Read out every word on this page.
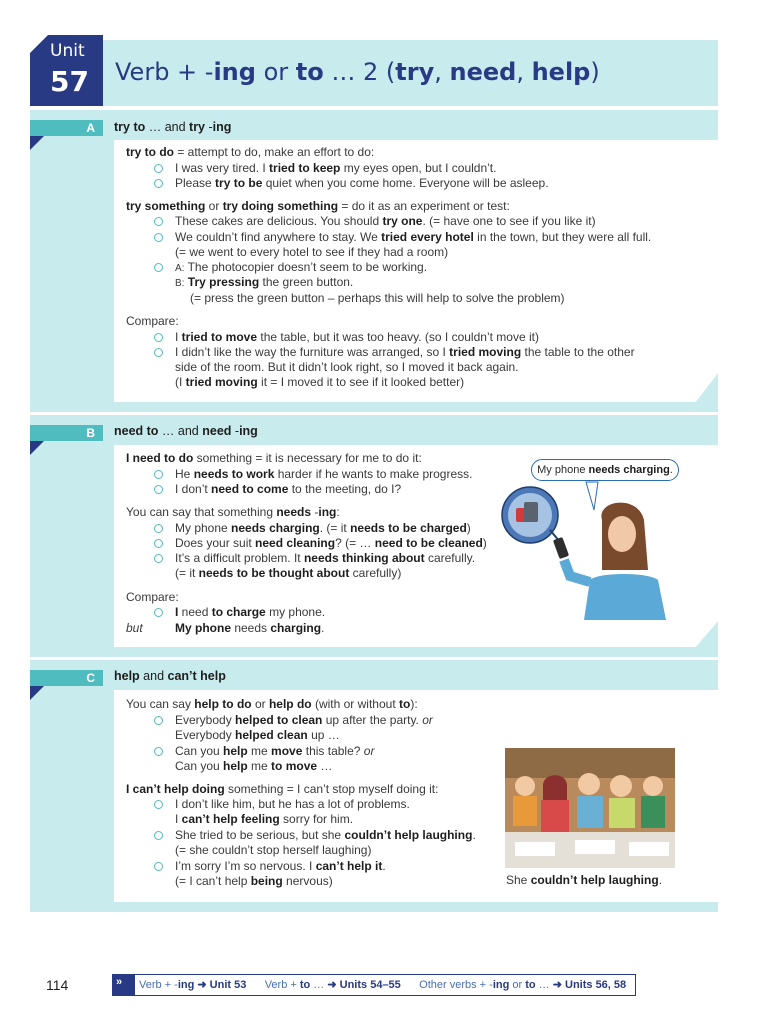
Unit
57 Verb + -ing or to … 2 (try, need, help)
A	try to … and try -ing
try to do = attempt to do, make an effort to do:
I was very tired. I tried to keep my eyes open, but I couldn’t.
Please try to be quiet when you come home. Everyone will be asleep.
try something or try doing something = do it as an experiment or test:
These cakes are delicious. You should try one. (= have one to see if you like it)
We couldn’t find anywhere to stay. We tried every hotel in the town, but they were all full.
(= we went to every hotel to see if they had a room)
A: The photocopier doesn’t seem to be working.
B: Try pressing the green button.
(= press the green button – perhaps this will help to solve the problem)
Compare:
I tried to move the table, but it was too heavy. (so I couldn’t move it)
I didn’t like the way the furniture was arranged, so I tried moving the table to the other
side of the room. But it didn’t look right, so I moved it back again.
(I tried moving it = I moved it to see if it looked better)
B	need to … and need -ing
I need to do something = it is necessary for me to do it:
He needs to work harder if he wants to make progress.
I don’t need to come to the meeting, do I?
You can say that something needs -ing:
My phone needs charging. (= it needs to be charged)
Does your suit need cleaning? (= … need to be cleaned)
It’s a difficult problem. It needs thinking about carefully.
(= it needs to be thought about carefully)
Compare:
I need to charge my phone.
but	My phone needs charging.
My phone needs charging.
C	help and can’t help
You can say help to do or help do (with or without to):
Everybody helped to clean up after the party. or
Everybody helped clean up …
Can you help me move this table? or
Can you help me to move …
I can’t help doing something = I can’t stop myself doing it:
I don’t like him, but he has a lot of problems.
I can’t help feeling sorry for him.
She tried to be serious, but she couldn’t help laughing.
(= she couldn’t stop herself laughing)
I’m sorry I’m so nervous. I can’t help it.
(= I can’t help being nervous)	She couldn’t help laughing.
114	»	Verb + -ing ➜ Unit 53 Verb + to … ➜ Units 54–55 Other verbs + -ing or to … ➜ Units 56, 58
